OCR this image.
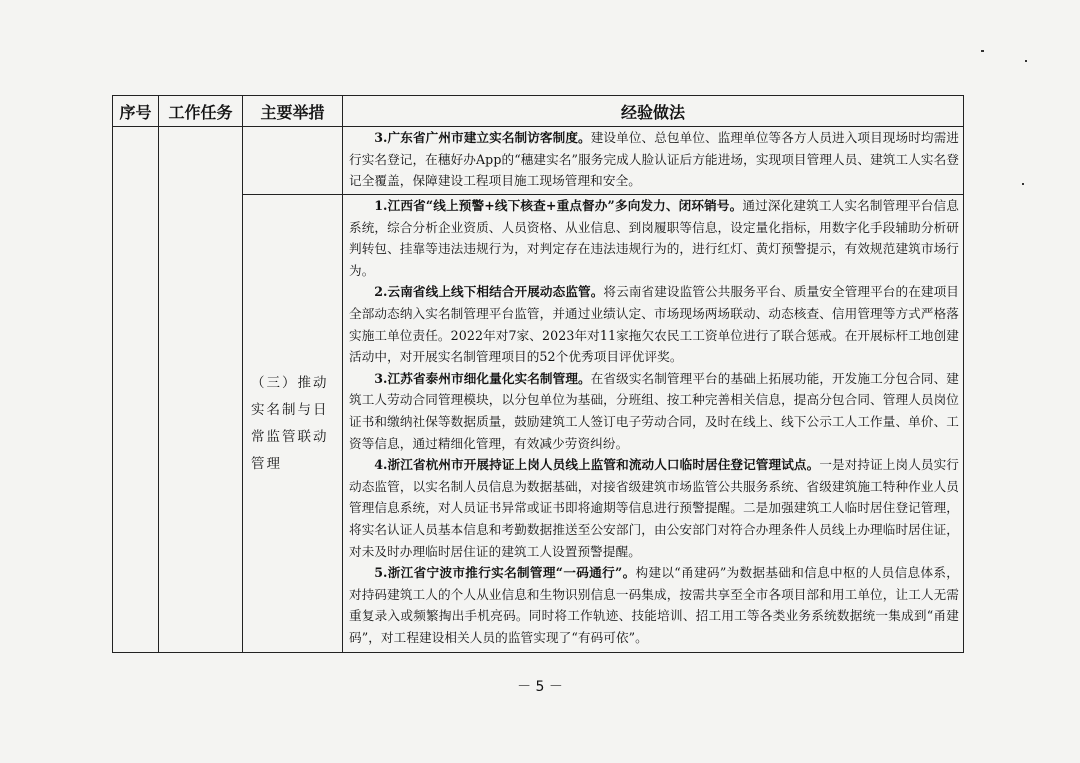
序号	工作任务	主要举措	经验做法

			3.广东省广州市建立实名制访客制度。建设单位、总包单位、监理单位等各方人员进入项目现场时均需进行实名登记，在穗好办App的“穗建实名”服务完成人脸认证后方能进场，实现项目管理人员、建筑工人实名登记全覆盖，保障建设工程项目施工现场管理和安全。

		（三）推动实名制与日常监管联动管理	1.江西省“线上预警+线下核查+重点督办”多向发力、闭环销号。通过深化建筑工人实名制管理平台信息系统，综合分析企业资质、人员资格、从业信息、到岗履职等信息，设定量化指标，用数字化手段辅助分析研判转包、挂靠等违法违规行为，对判定存在违法违规行为的，进行红灯、黄灯预警提示，有效规范建筑市场行为。

2.云南省线上线下相结合开展动态监管。将云南省建设监管公共服务平台、质量安全管理平台的在建项目全部动态纳入实名制管理平台监管，并通过业绩认定、市场现场两场联动、动态核查、信用管理等方式严格落实施工单位责任。2022年对7家、2023年对11家拖欠农民工工资单位进行了联合惩戒。在开展标杆工地创建活动中，对开展实名制管理项目的52个优秀项目评优评奖。

3.江苏省泰州市细化量化实名制管理。在省级实名制管理平台的基础上拓展功能，开发施工分包合同、建筑工人劳动合同管理模块，以分包单位为基础，分班组、按工种完善相关信息，提高分包合同、管理人员岗位证书和缴纳社保等数据质量，鼓励建筑工人签订电子劳动合同，及时在线上、线下公示工人工作量、单价、工资等信息，通过精细化管理，有效减少劳资纠纷。

4.浙江省杭州市开展持证上岗人员线上监管和流动人口临时居住登记管理试点。一是对持证上岗人员实行动态监管，以实名制人员信息为数据基础，对接省级建筑市场监管公共服务系统、省级建筑施工特种作业人员管理信息系统，对人员证书异常或证书即将逾期等信息进行预警提醒。二是加强建筑工人临时居住登记管理，将实名认证人员基本信息和考勤数据推送至公安部门，由公安部门对符合办理条件人员线上办理临时居住证，对未及时办理临时居住证的建筑工人设置预警提醒。

5.浙江省宁波市推行实名制管理“一码通行”。构建以“甬建码”为数据基础和信息中枢的人员信息体系，对持码建筑工人的个人从业信息和生物识别信息一码集成，按需共享至全市各项目部和用工单位，让工人无需重复录入或频繁掏出手机亮码。同时将工作轨迹、技能培训、招工用工等各类业务系统数据统一集成到“甬建码”，对工程建设相关人员的监管实现了“有码可依”。

－ 5 －
